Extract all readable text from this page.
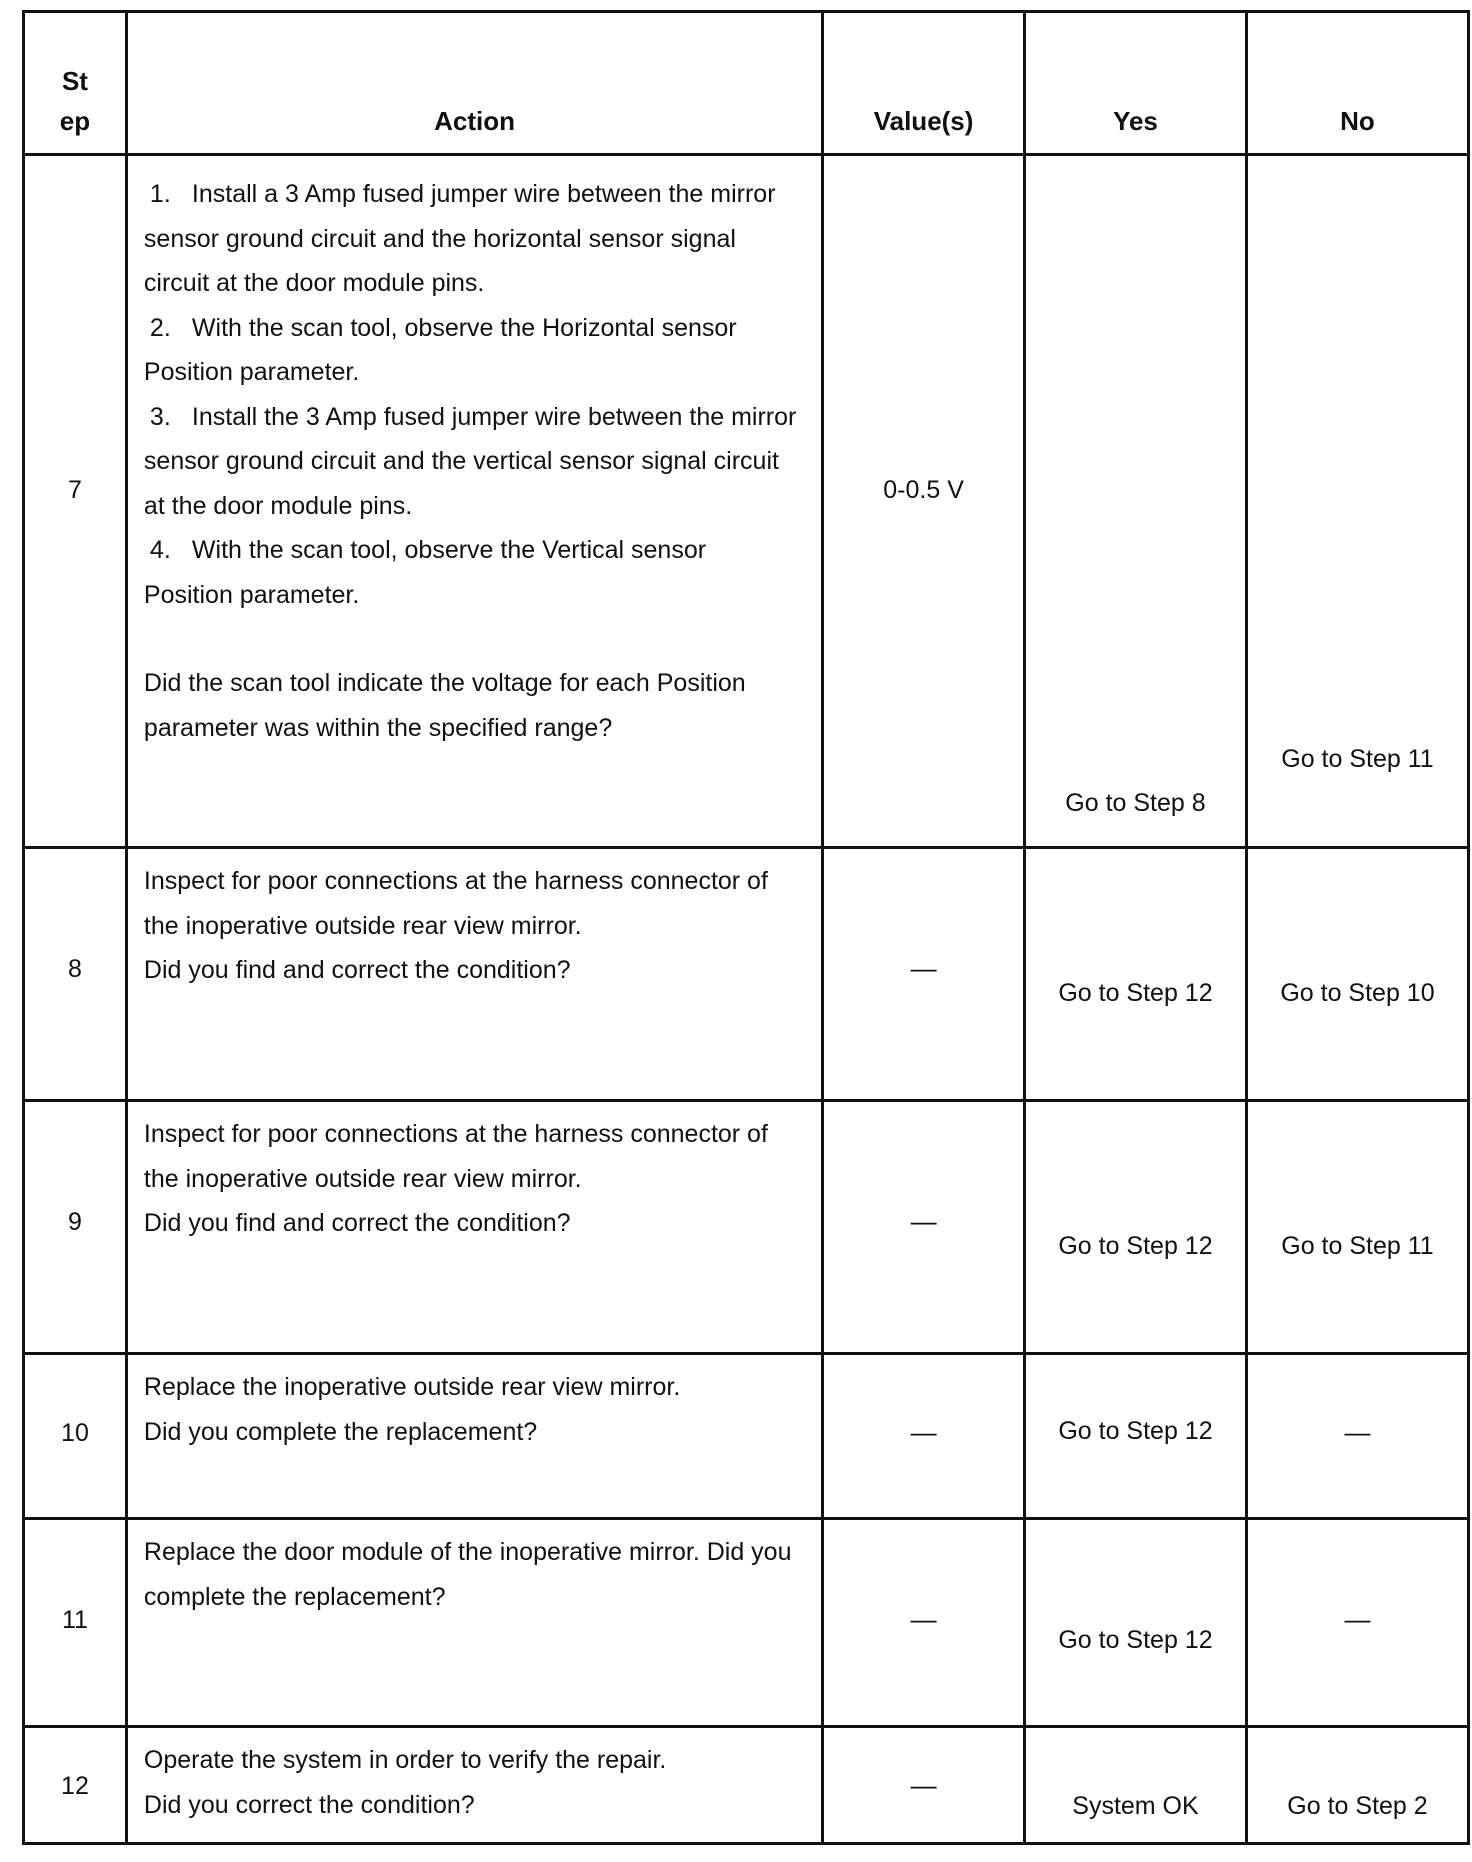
St
ep	Action	Value(s)	Yes	No

7	1. Install a 3 Amp fused jumper wire between the mirror sensor ground circuit and the horizontal sensor signal circuit at the door module pins.
2. With the scan tool, observe the Horizontal sensor Position parameter.
3. Install the 3 Amp fused jumper wire between the mirror sensor ground circuit and the vertical sensor signal circuit at the door module pins.
4. With the scan tool, observe the Vertical sensor Position parameter.
Did the scan tool indicate the voltage for each Position parameter was within the specified range?	0-0.5 V	Go to Step 8	Go to Step 11

8	Inspect for poor connections at the harness connector of the inoperative outside rear view mirror.
Did you find and correct the condition?	—	Go to Step 12	Go to Step 10

9	Inspect for poor connections at the harness connector of the inoperative outside rear view mirror.
Did you find and correct the condition?	—	Go to Step 12	Go to Step 11

10	Replace the inoperative outside rear view mirror.
Did you complete the replacement?	—	Go to Step 12	—

11	Replace the door module of the inoperative mirror. Did you complete the replacement?	—	Go to Step 12	—

12	Operate the system in order to verify the repair.
Did you correct the condition?	—	System OK	Go to Step 2
